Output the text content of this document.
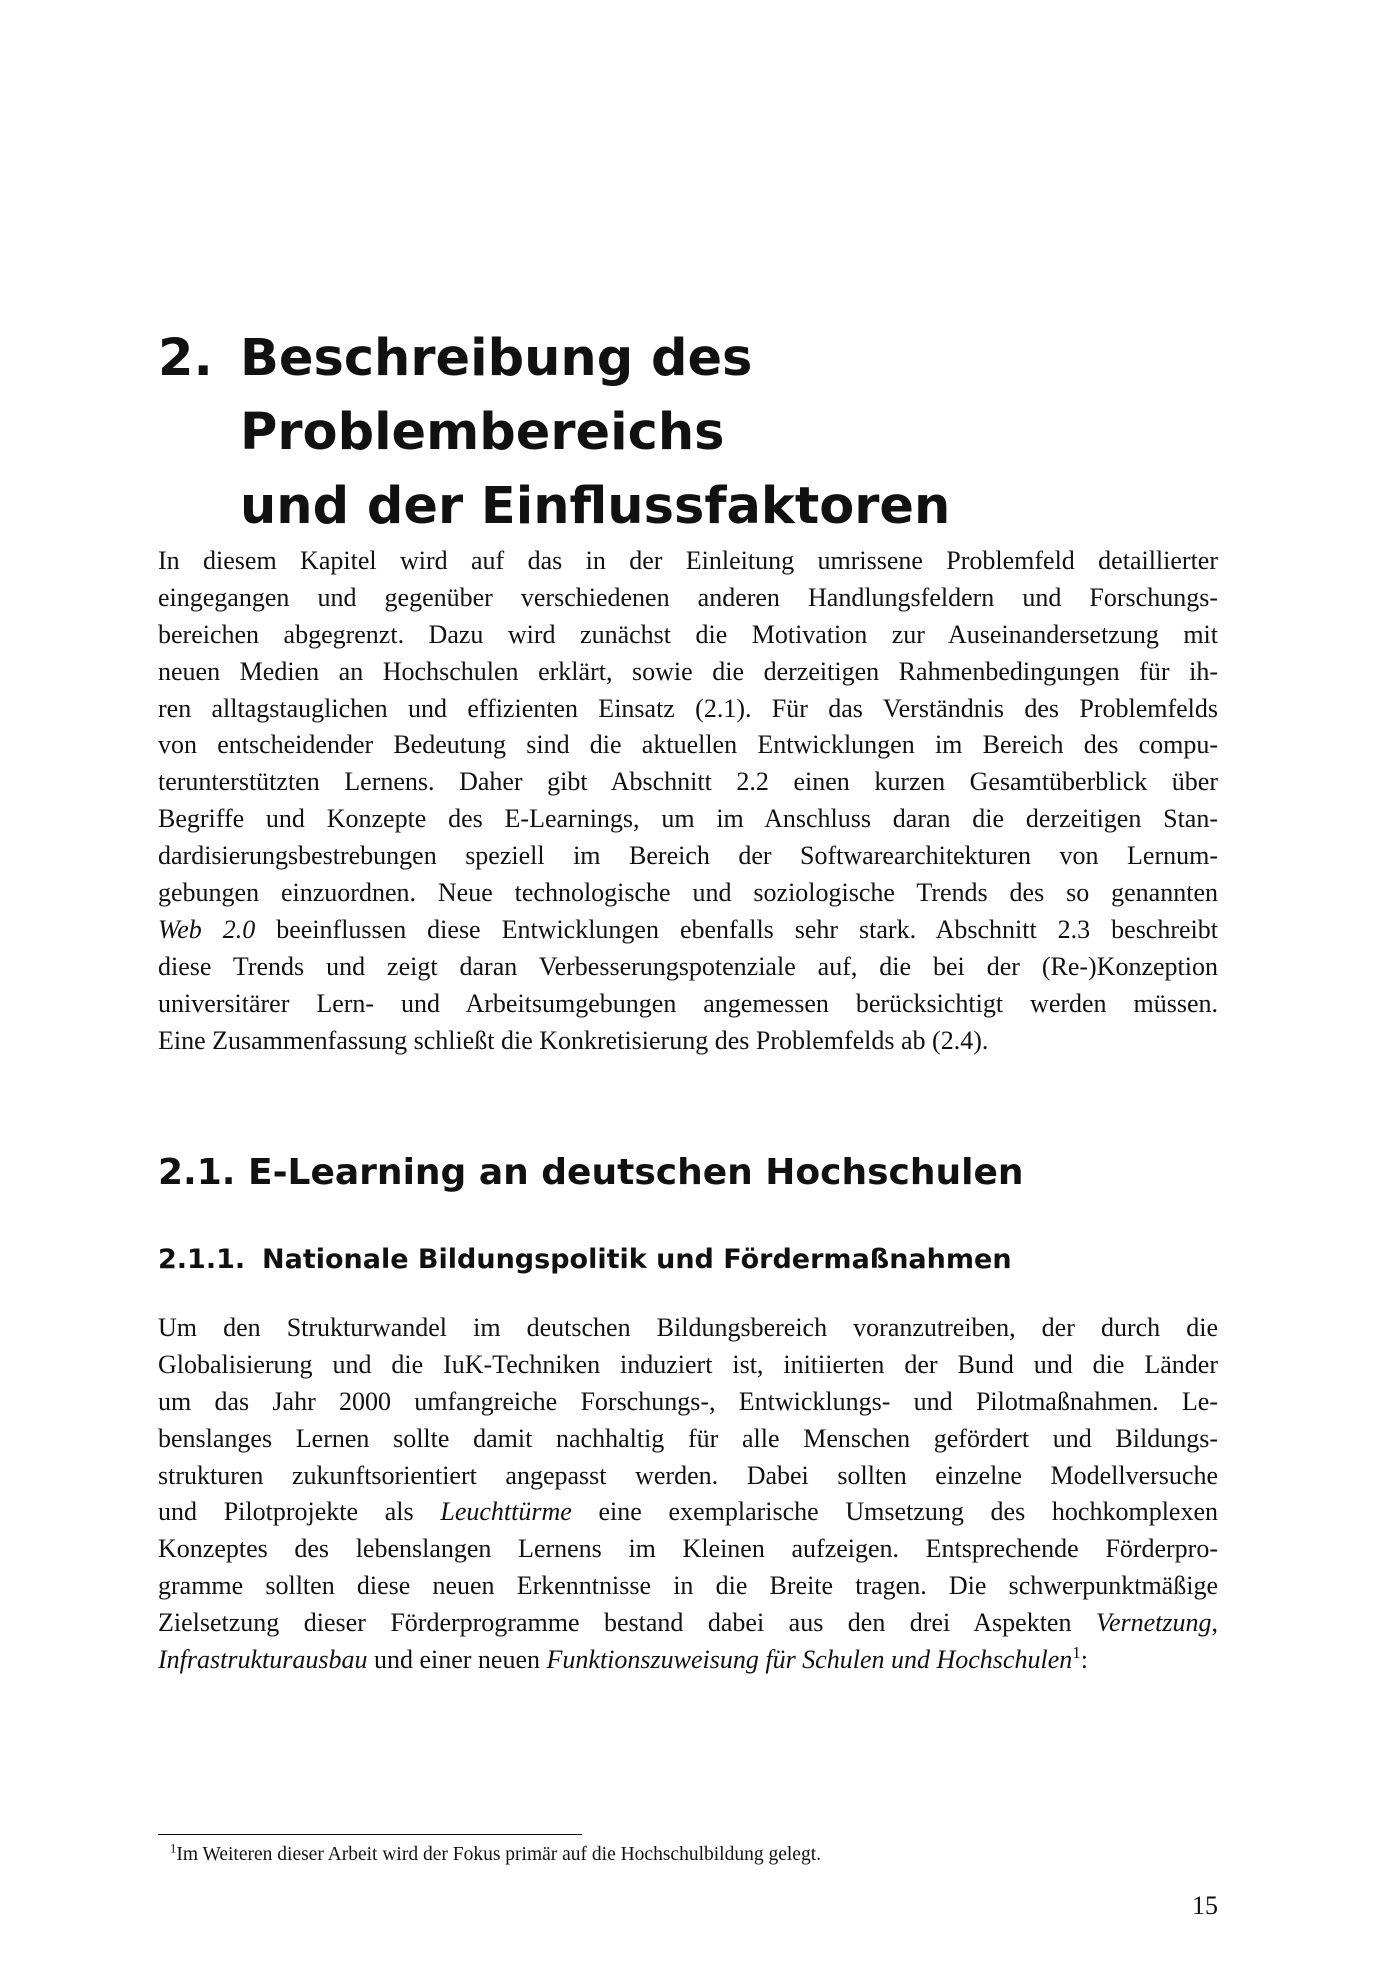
2. Beschreibung des Problembereichs
und der Einflussfaktoren

In diesem Kapitel wird auf das in der Einleitung umrissene Problemfeld detaillierter
eingegangen und gegenüber verschiedenen anderen Handlungsfeldern und Forschungs-
bereichen abgegrenzt. Dazu wird zunächst die Motivation zur Auseinandersetzung mit
neuen Medien an Hochschulen erklärt, sowie die derzeitigen Rahmenbedingungen für ih-
ren alltagstauglichen und effizienten Einsatz (2.1). Für das Verständnis des Problemfelds
von entscheidender Bedeutung sind die aktuellen Entwicklungen im Bereich des compu-
terunterstützten Lernens. Daher gibt Abschnitt 2.2 einen kurzen Gesamtüberblick über
Begriffe und Konzepte des E-Learnings, um im Anschluss daran die derzeitigen Stan-
dardisierungsbestrebungen speziell im Bereich der Softwarearchitekturen von Lernum-
gebungen einzuordnen. Neue technologische und soziologische Trends des so genannten
Web 2.0 beeinflussen diese Entwicklungen ebenfalls sehr stark. Abschnitt 2.3 beschreibt
diese Trends und zeigt daran Verbesserungspotenziale auf, die bei der (Re-)Konzeption
universitärer Lern- und Arbeitsumgebungen angemessen berücksichtigt werden müssen.
Eine Zusammenfassung schließt die Konkretisierung des Problemfelds ab (2.4).

2.1. E-Learning an deutschen Hochschulen
2.1.1. Nationale Bildungspolitik und Fördermaßnahmen

Um den Strukturwandel im deutschen Bildungsbereich voranzutreiben, der durch die
Globalisierung und die IuK-Techniken induziert ist, initiierten der Bund und die Länder
um das Jahr 2000 umfangreiche Forschungs-, Entwicklungs- und Pilotmaßnahmen. Le-
benslanges Lernen sollte damit nachhaltig für alle Menschen gefördert und Bildungs-
strukturen zukunftsorientiert angepasst werden. Dabei sollten einzelne Modellversuche
und Pilotprojekte als Leuchttürme eine exemplarische Umsetzung des hochkomplexen
Konzeptes des lebenslangen Lernens im Kleinen aufzeigen. Entsprechende Förderpro-
gramme sollten diese neuen Erkenntnisse in die Breite tragen. Die schwerpunktmäßige
Zielsetzung dieser Förderprogramme bestand dabei aus den drei Aspekten Vernetzung,
Infrastrukturausbau und einer neuen Funktionszuweisung für Schulen und Hochschulen$^1$:

$^1$Im Weiteren dieser Arbeit wird der Fokus primär auf die Hochschulbildung gelegt.

15
